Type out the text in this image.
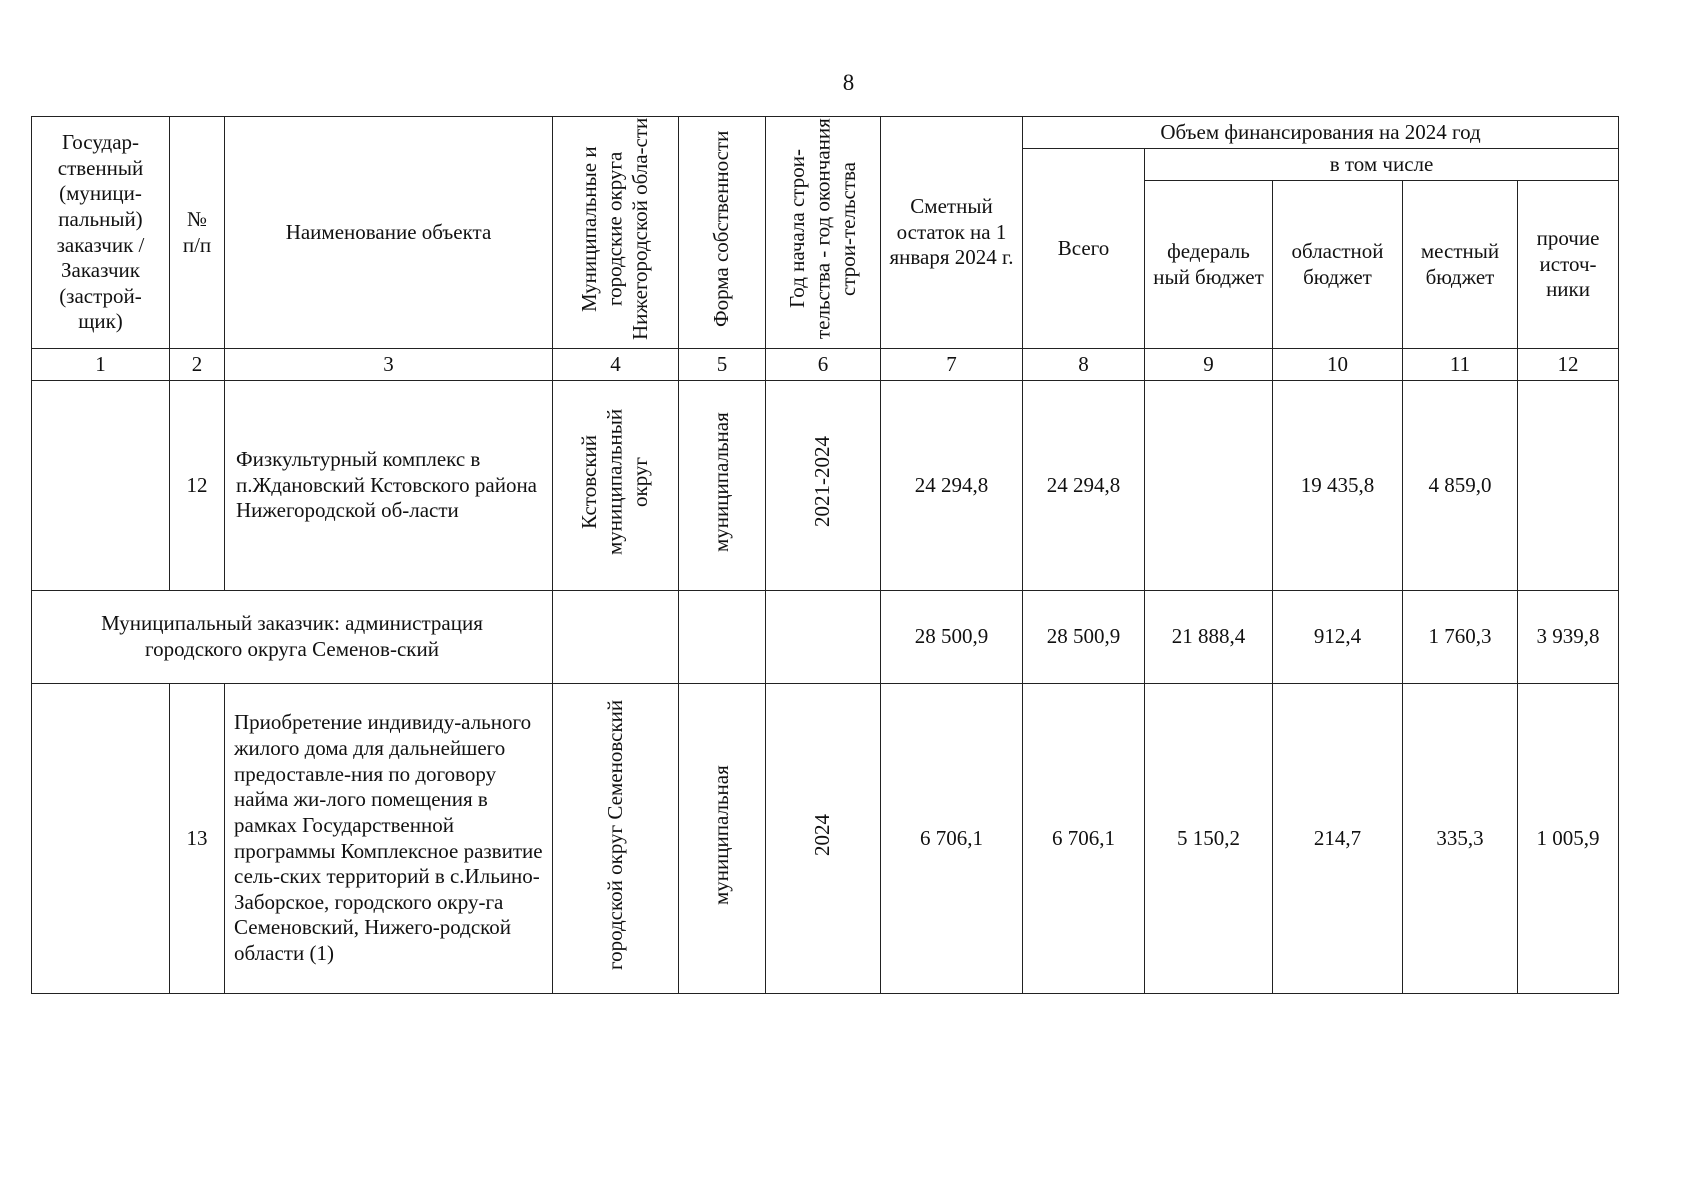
8
Государ-ственный (муници-пальный) заказчик / Заказчик (застрой-щик)	№ п/п	Наименование объекта	Муниципальные и городские округа Нижегородской обла-сти	Форма собственности	Год начала строи-тельства - год окончания строи-тельства	Сметный остаток на 1 января 2024 г.	Объем финансирования на 2024 год				
							Всего	в том числе			
								федераль ный бюджет	областной бюджет	местный бюджет	прочие источ-ники
1	2	3	4	5	6	7	8	9	10	11	12
	12	Физкультурный комплекс в п.Ждановский Кстовского района Нижегородской об-ласти	Кстовский муниципальный округ	муниципальная	2021-2024	24 294,8	24 294,8		19 435,8	4 859,0	
Муниципальный заказчик: администрация городского округа Семенов-ский						28 500,9	28 500,9	21 888,4	912,4	1 760,3	3 939,8
	13	Приобретение индивиду-ального жилого дома для дальнейшего предоставле-ния по договору найма жи-лого помещения в рамках Государственной программы Комплексное развитие сель-ских территорий в с.Ильино-Заборское, городского окру-га Семеновский, Нижего-родской области (1)	городской округ Семеновский	муниципальная	2024	6 706,1	6 706,1	5 150,2	214,7	335,3	1 005,9
